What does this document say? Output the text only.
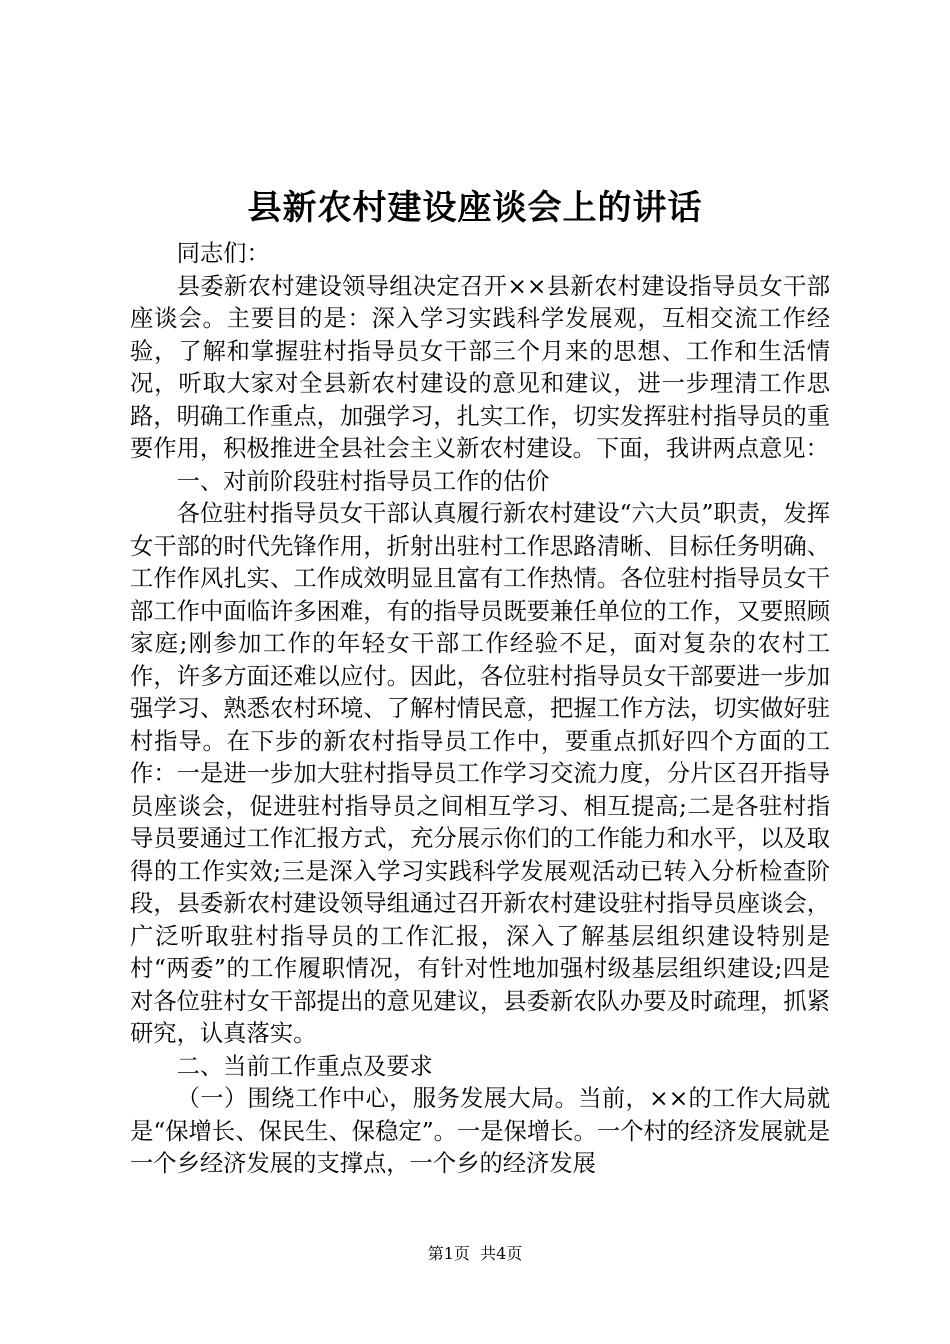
县新农村建设座谈会上的讲话

同志们：

县委新农村建设领导组决定召开××县新农村建设指导员女干部座谈会。主要目的是：深入学习实践科学发展观，互相交流工作经验，了解和掌握驻村指导员女干部三个月来的思想、工作和生活情况，听取大家对全县新农村建设的意见和建议，进一步理清工作思路，明确工作重点，加强学习，扎实工作，切实发挥驻村指导员的重要作用，积极推进全县社会主义新农村建设。下面，我讲两点意见：

一、对前阶段驻村指导员工作的估价

各位驻村指导员女干部认真履行新农村建设“六大员”职责，发挥女干部的时代先锋作用，折射出驻村工作思路清晰、目标任务明确、工作作风扎实、工作成效明显且富有工作热情。各位驻村指导员女干部工作中面临许多困难，有的指导员既要兼任单位的工作，又要照顾家庭;刚参加工作的年轻女干部工作经验不足，面对复杂的农村工作，许多方面还难以应付。因此，各位驻村指导员女干部要进一步加强学习、熟悉农村环境、了解村情民意，把握工作方法，切实做好驻村指导。在下步的新农村指导员工作中，要重点抓好四个方面的工作：一是进一步加大驻村指导员工作学习交流力度，分片区召开指导员座谈会，促进驻村指导员之间相互学习、相互提高;二是各驻村指导员要通过工作汇报方式，充分展示你们的工作能力和水平，以及取得的工作实效;三是深入学习实践科学发展观活动已转入分析检查阶段，县委新农村建设领导组通过召开新农村建设驻村指导员座谈会，广泛听取驻村指导员的工作汇报，深入了解基层组织建设特别是村“两委”的工作履职情况，有针对性地加强村级基层组织建设;四是对各位驻村女干部提出的意见建议，县委新农队办要及时疏理，抓紧研究，认真落实。

二、当前工作重点及要求

（一）围绕工作中心，服务发展大局。当前，××的工作大局就是“保增长、保民生、保稳定”。一是保增长。一个村的经济发展就是一个乡经济发展的支撑点，一个乡的经济发展

第1页 共4页
